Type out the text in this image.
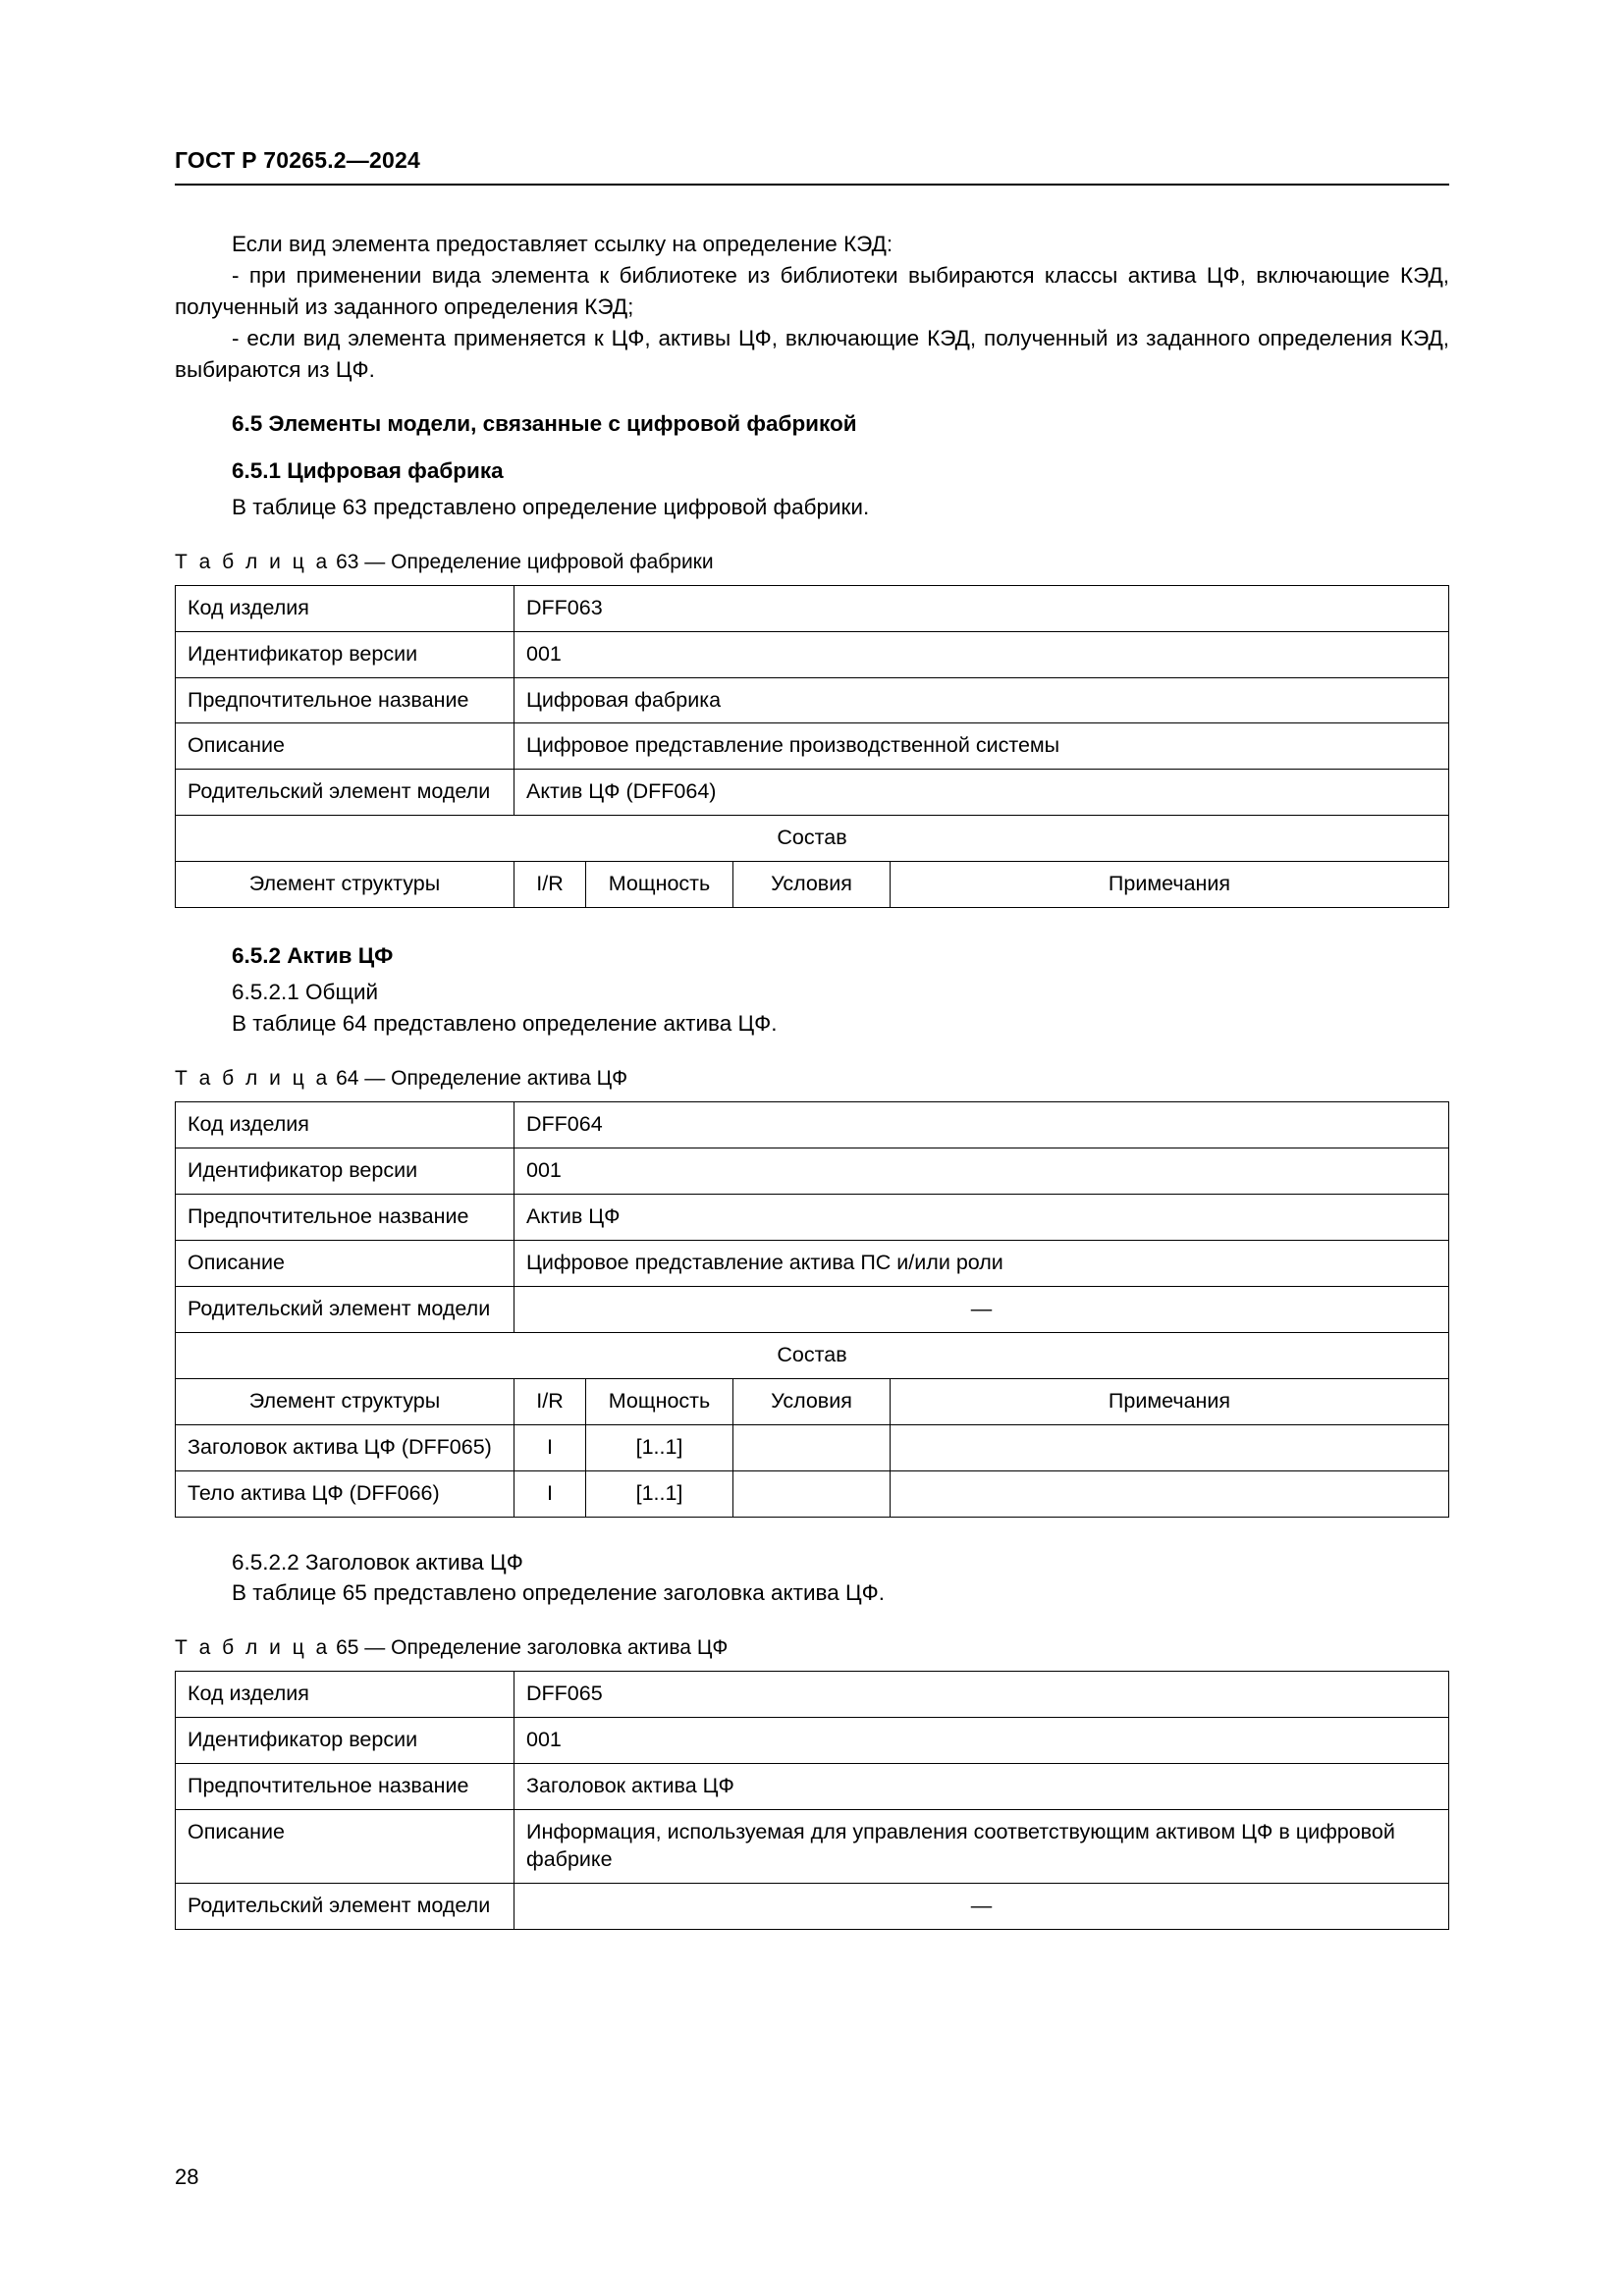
ГОСТ Р 70265.2—2024

Если вид элемента предоставляет ссылку на определение КЭД:

- при применении вида элемента к библиотеке из библиотеки выбираются классы актива ЦФ, включающие КЭД, полученный из заданного определения КЭД;

- если вид элемента применяется к ЦФ, активы ЦФ, включающие КЭД, полученный из заданного определения КЭД, выбираются из ЦФ.

6.5 Элементы модели, связанные с цифровой фабрикой
6.5.1 Цифровая фабрика

В таблице 63 представлено определение цифровой фабрики.

Т а б л и ц а 63 — Определение цифровой фабрики
Код изделия	DFF063			
Идентификатор версии	001			
Предпочтительное название	Цифровая фабрика			
Описание	Цифровое представление производственной системы			
Родительский элемент модели	Актив ЦФ (DFF064)			
Состав				
Элемент структуры	I/R	Мощность	Условия	Примечания
6.5.2 Актив ЦФ

6.5.2.1 Общий

В таблице 64 представлено определение актива ЦФ.

Т а б л и ц а 64 — Определение актива ЦФ
Код изделия	DFF064			
Идентификатор версии	001			
Предпочтительное название	Актив ЦФ			
Описание	Цифровое представление актива ПС и/или роли			
Родительский элемент модели	—			
Состав				
Элемент структуры	I/R	Мощность	Условия	Примечания
Заголовок актива ЦФ (DFF065)	I	[1..1]		
Тело актива ЦФ (DFF066)	I	[1..1]		

6.5.2.2 Заголовок актива ЦФ

В таблице 65 представлено определение заголовка актива ЦФ.

Т а б л и ц а 65 — Определение заголовка актива ЦФ
Код изделия	DFF065
Идентификатор версии	001
Предпочтительное название	Заголовок актива ЦФ
Описание	Информация, используемая для управления соответствующим активом ЦФ в цифровой фабрике
Родительский элемент модели	—
28
